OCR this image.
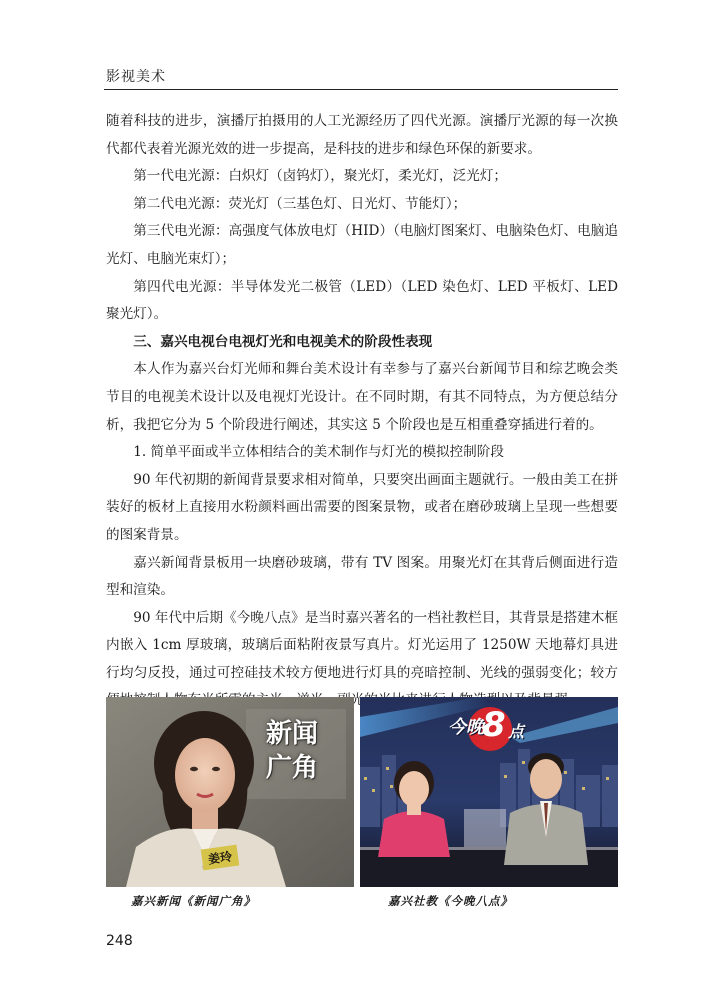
影视美术

随着科技的进步，演播厅拍摄用的人工光源经历了四代光源。演播厅光源的每一次换代都代表着光源光效的进一步提高，是科技的进步和绿色环保的新要求。

第一代电光源：白炽灯（卤钨灯），聚光灯，柔光灯，泛光灯；

第二代电光源：荧光灯（三基色灯、日光灯、节能灯）；

第三代电光源：高强度气体放电灯（HID）（电脑灯图案灯、电脑染色灯、电脑追光灯、电脑光束灯）；

第四代电光源：半导体发光二极管（LED）（LED 染色灯、LED 平板灯、LED 聚光灯）。

三、嘉兴电视台电视灯光和电视美术的阶段性表现

本人作为嘉兴台灯光师和舞台美术设计有幸参与了嘉兴台新闻节目和综艺晚会类节目的电视美术设计以及电视灯光设计。在不同时期，有其不同特点，为方便总结分析，我把它分为 5 个阶段进行阐述，其实这 5 个阶段也是互相重叠穿插进行着的。

1. 简单平面或半立体相结合的美术制作与灯光的模拟控制阶段

90 年代初期的新闻背景要求相对简单，只要突出画面主题就行。一般由美工在拼装好的板材上直接用水粉颜料画出需要的图案景物，或者在磨砂玻璃上呈现一些想要的图案背景。

嘉兴新闻背景板用一块磨砂玻璃，带有 TV 图案。用聚光灯在其背后侧面进行造型和渲染。

90 年代中后期《今晚八点》是当时嘉兴著名的一档社教栏目，其背景是搭建木框内嵌入 1cm 厚玻璃，玻璃后面粘附夜景写真片。灯光运用了 1250W 天地幕灯具进行均匀反投，通过可控硅技术较方便地进行灯具的亮暗控制、光线的强弱变化；较方 光

新闻
广角
姜玲
今晚
8 点
嘉兴新闻《新闻广角》	嘉兴社教《今晚八点》
248
